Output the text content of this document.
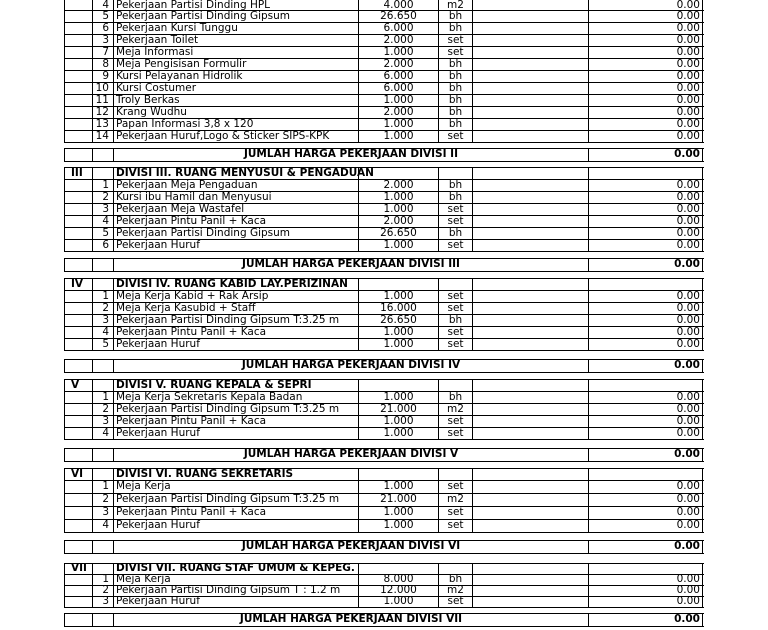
4 Pekerjaan Partisi Dinding HPL	4.000	m2	0.00
5 Pekerjaan Partisi Dinding Gipsum	26.650	bh	0.00
6 Pekerjaan Kursi Tunggu	6.000	bh	0.00
3 Pekerjaan Toilet	2.000	set	0.00
7 Meja Informasi	1.000	set	0.00
8 Meja Pengisisan Formulir	2.000	bh	0.00
9 Kursi Pelayanan Hidrolik	6.000	bh	0.00
10 Kursi Costumer	6.000	bh	0.00
11 Troly Berkas	1.000	bh	0.00
12 Krang Wudhu	2.000	bh	0.00
13 Papan Informasi 3,8 x 120	1.000	bh	0.00
14 Pekerjaan Huruf,Logo & Sticker SIPS-KPK	1.000	set	0.00
JUMLAH HARGA PEKERJAAN DIVISI II	0.00
III	DIVISI III. RUANG MENYUSUI & PENGADUAN
1 Pekerjaan Meja Pengaduan	2.000	bh	0.00
2 Kursi ibu Hamil dan Menyusui	1.000	bh	0.00
3 Pekerjaan Meja Wastafel	1.000	set	0.00
4 Pekerjaan Pintu Panil + Kaca	2.000	set	0.00
5 Pekerjaan Partisi Dinding Gipsum	26.650	bh	0.00
6 Pekerjaan Huruf	1.000	set	0.00
JUMLAH HARGA PEKERJAAN DIVISI III	0.00
IV	DIVISI IV. RUANG KABID LAY.PERIZINAN
1 Meja Kerja Kabid + Rak Arsip	1.000	set	0.00
2 Meja Kerja Kasubid + Staff	16.000	set	0.00
3 Pekerjaan Partisi Dinding Gipsum T:3.25 m	26.650	bh	0.00
4 Pekerjaan Pintu Panil + Kaca	1.000	set	0.00
5 Pekerjaan Huruf	1.000	set	0.00
JUMLAH HARGA PEKERJAAN DIVISI IV	0.00
V	DIVISI V. RUANG KEPALA & SEPRI
1 Meja Kerja Sekretaris Kepala Badan	1.000	bh	0.00
2 Pekerjaan Partisi Dinding Gipsum T:3.25 m	21.000	m2	0.00
3 Pekerjaan Pintu Panil + Kaca	1.000	set	0.00
4 Pekerjaan Huruf	1.000	set	0.00
JUMLAH HARGA PEKERJAAN DIVISI V	0.00
VI	DIVISI VI. RUANG SEKRETARIS
1 Meja Kerja	1.000	set	0.00
2 Pekerjaan Partisi Dinding Gipsum T:3.25 m	21.000	m2	0.00
3 Pekerjaan Pintu Panil + Kaca	1.000	set	0.00
4 Pekerjaan Huruf	1.000	set	0.00
JUMLAH HARGA PEKERJAAN DIVISI VI	0.00
VII	DIVISI VII. RUANG STAF UMUM & KEPEG.
1 Meja Kerja	8.000	bh	0.00
2 Pekerjaan Partisi Dinding Gipsum T : 1.2 m	12.000	m2	0.00
3 Pekerjaan Huruf	1.000	set	0.00
JUMLAH HARGA PEKERJAAN DIVISI VII	0.00
